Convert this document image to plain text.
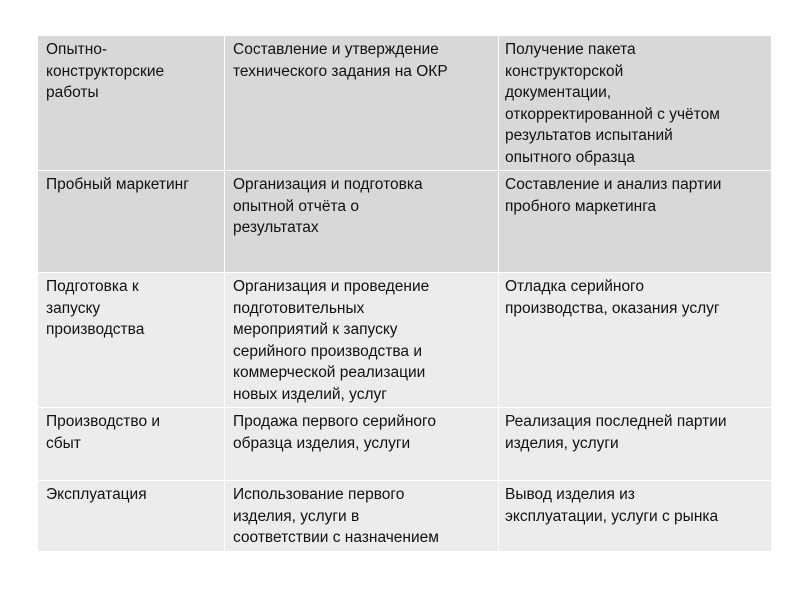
Опытно-
конструкторские
работы
Составление и утверждение
технического задания на ОКР
Получение пакета
конструкторской
документации,
откорректированной с учётом
результатов испытаний
опытного образца
Пробный маркетинг	Организация и подготовка
опытной отчёта о
результатах
Составление и анализ партии
пробного маркетинга
Подготовка к
запуску
производства
Организация и проведение
подготовительных
мероприятий к запуску
серийного производства и
коммерческой реализации
новых изделий, услуг
Отладка серийного
производства, оказания услуг
Производство и
сбыт
Продажа первого серийного
образца изделия, услуги
Реализация последней партии
изделия, услуги
Эксплуатация	Использование первого
изделия, услуги в
соответствии с назначением
Вывод изделия из
эксплуатации, услуги с рынка
